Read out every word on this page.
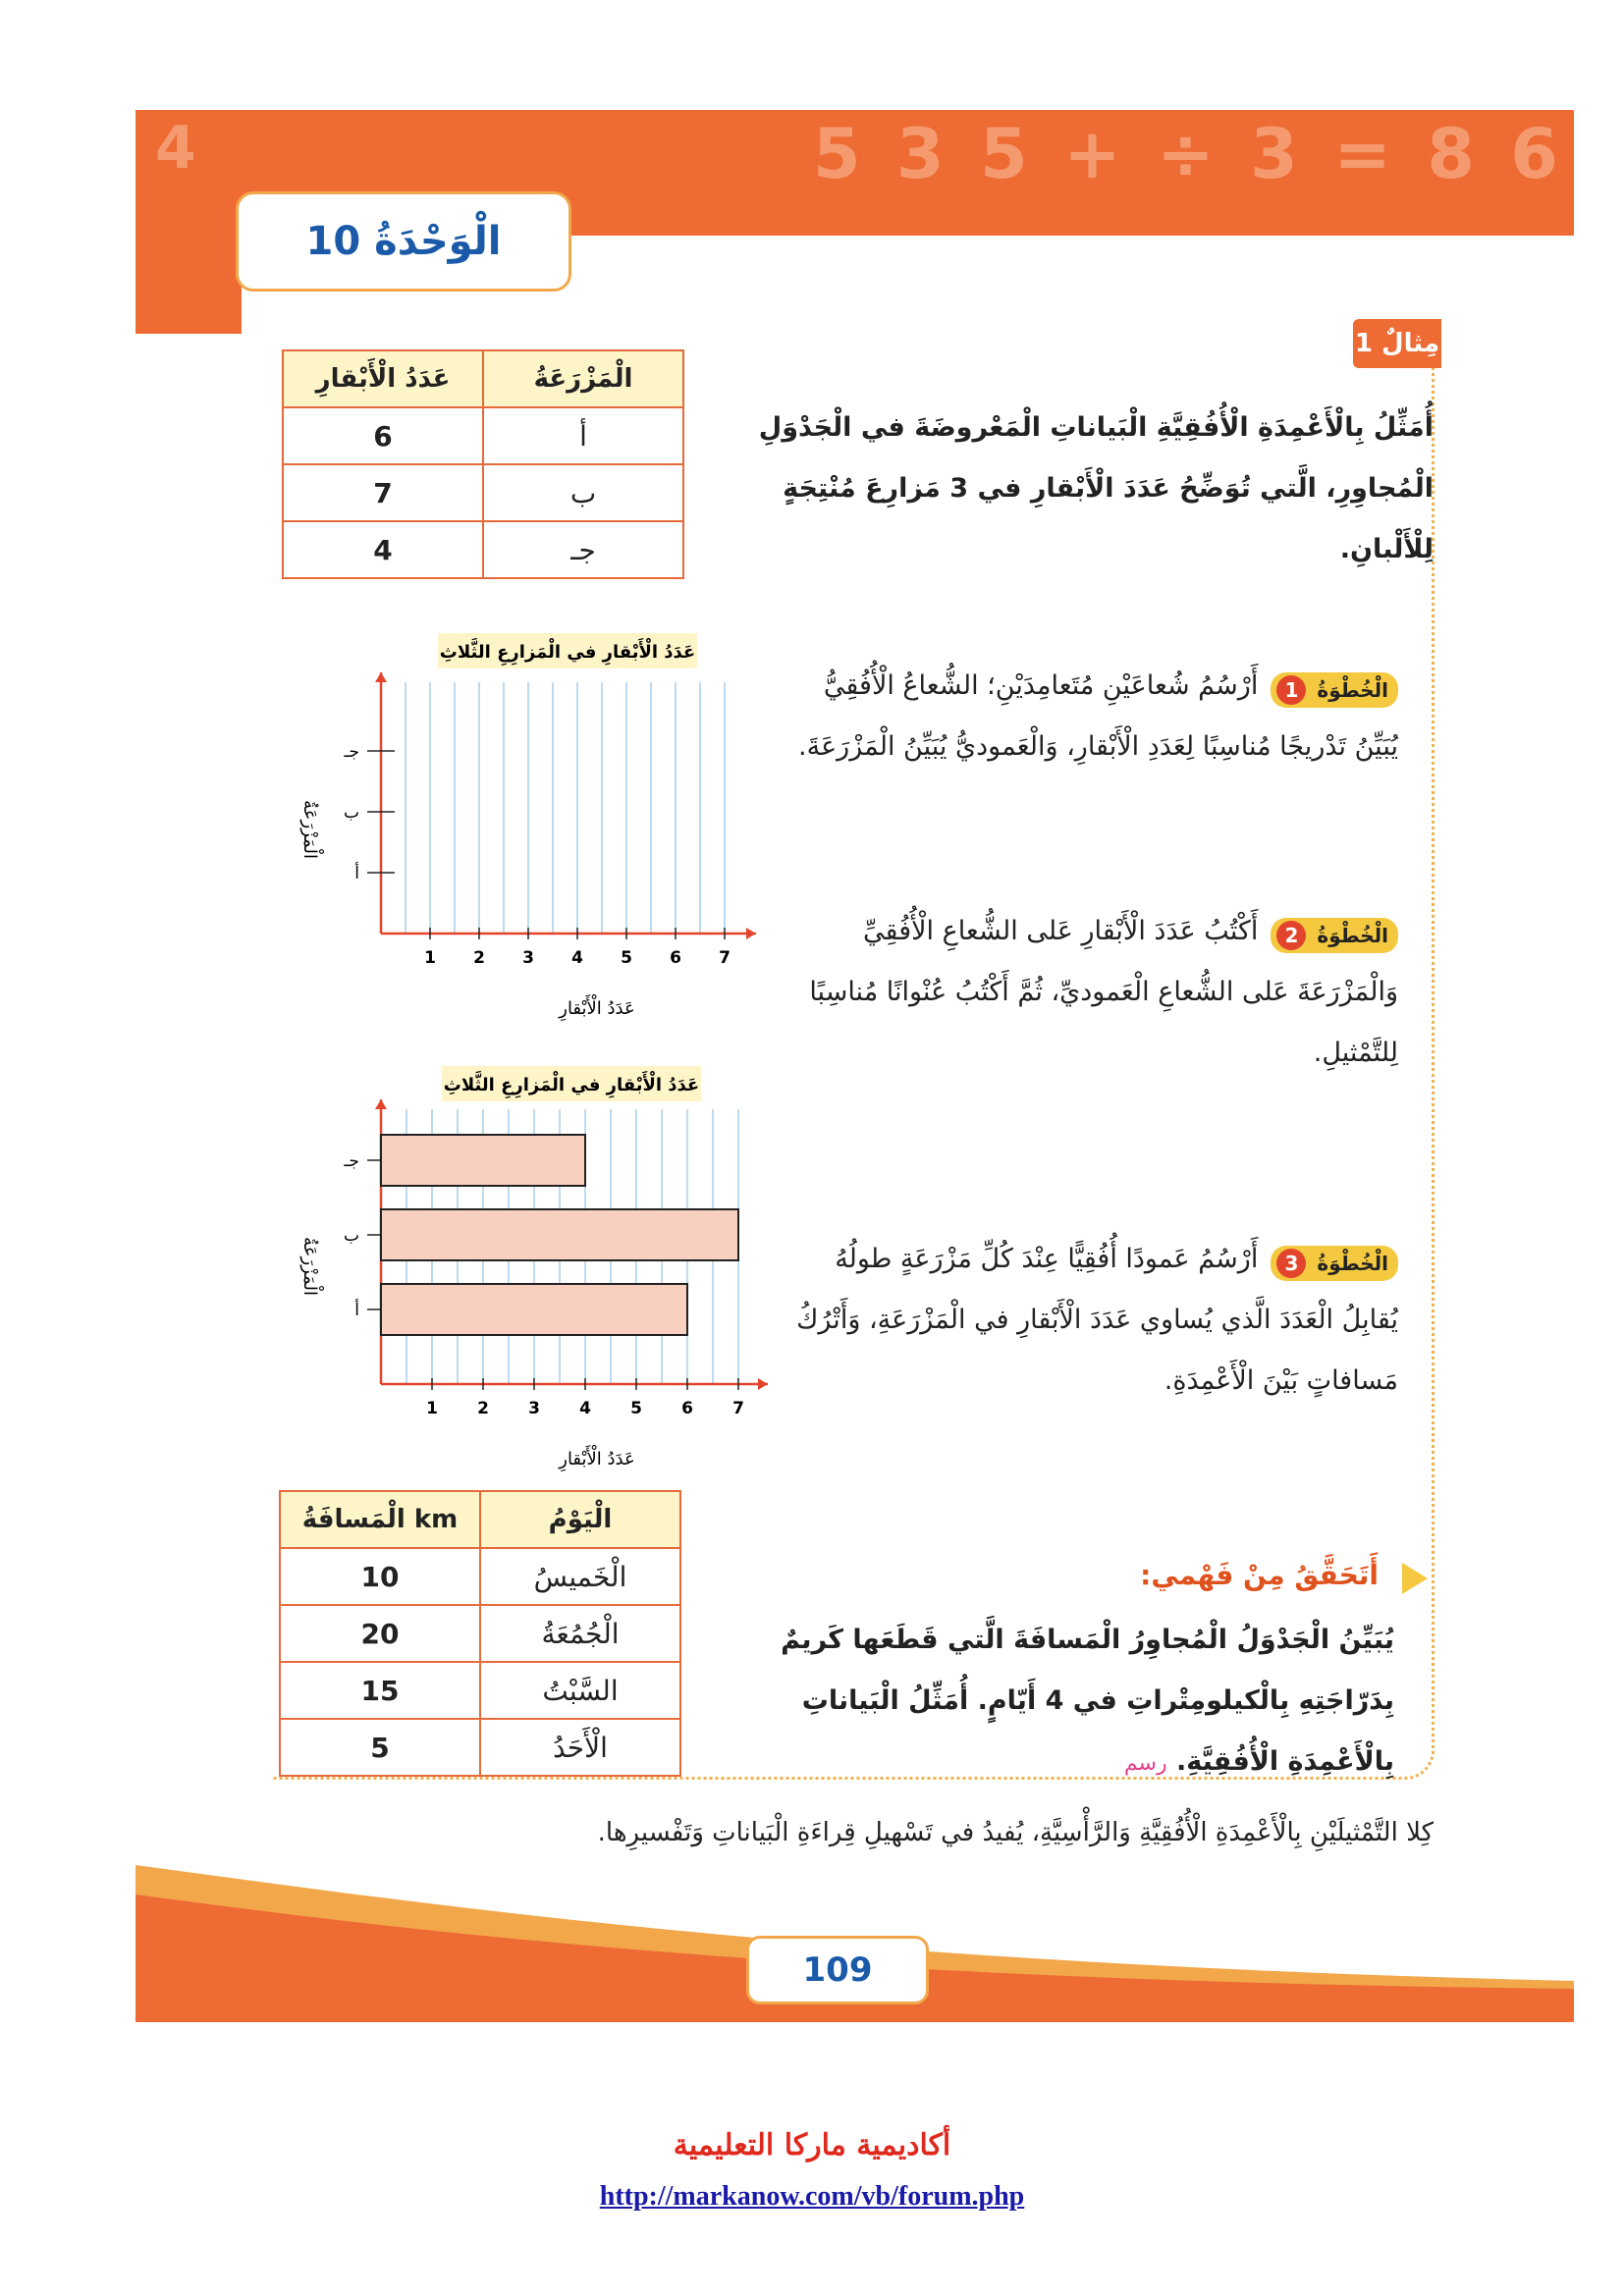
4	5 3 5 + ÷ 3 = 8 6
الْوَحْدَةُ 10
مِثالٌ 1
أُمَثِّلُ بِالْأَعْمِدَةِ الْأُفُقِيَّةِ الْبَياناتِ الْمَعْروضَةَ في الْجَدْوَلِ الْمُجاوِرِ، الَّتي تُوَضِّحُ عَدَدَ الْأَبْقارِ في 3 مَزارِعَ مُنْتِجَةٍ لِلْأَلْبانِ.
عَدَدُ الْأَبْقارِ	الْمَزْرَعَةُ
6	أ
7	ب
4	جـ
الْخُطْوَةُ 1 أَرْسُمُ شُعاعَيْنِ مُتَعامِدَيْنِ؛ الشُّعاعُ الْأُفُقِيُّ يُبَيِّنُ تَدْريجًا مُناسِبًا لِعَدَدِ الْأَبْقارِ، وَالْعَموديُّ يُبَيِّنُ الْمَزْرَعَةَ.
الْخُطْوَةُ 2 أَكْتُبُ عَدَدَ الْأَبْقارِ عَلى الشُّعاعِ الْأُفُقِيِّ وَالْمَزْرَعَةَ عَلى الشُّعاعِ الْعَموديِّ، ثُمَّ أَكْتُبُ عُنْوانًا مُناسِبًا لِلتَّمْثيلِ.
الْخُطْوَةُ 3 أَرْسُمُ عَمودًا أُفُقِيًّا عِنْدَ كُلِّ مَزْرَعَةٍ طولُهُ يُقابِلُ الْعَدَدَ الَّذي يُساوي عَدَدَ الْأَبْقارِ في الْمَزْرَعَةِ، وَأَتْرُكُ مَسافاتٍ بَيْنَ الْأَعْمِدَةِ.
عَدَدُ الْأَبْقارِ في الْمَزارِعِ الثَّلاثِ
1 2 3 4 5 6 7
أ
ب
جـ
عَدَدُ الْأَبْقارِ
الْمَزْرَعَةُ
عَدَدُ الْأَبْقارِ في الْمَزارِعِ الثَّلاثِ
1 2 3 4 5 6 7
أ
ب
جـ
عَدَدُ الْأَبْقارِ
الْمَزْرَعَةُ
أَتَحَقَّقُ مِنْ فَهْمي:
يُبَيِّنُ الْجَدْوَلُ الْمُجاوِرُ الْمَسافَةَ الَّتي قَطَعَها كَريمٌ بِدَرّاجَتِهِ بِالْكيلومِتْراتِ في 4 أَيّامٍ. أُمَثِّلُ الْبَياناتِ بِالْأَعْمِدَةِ الْأُفُقِيَّةِ. رسم
الْمَسافَةُ km	الْيَوْمُ
10	الْخَميسُ
20	الْجُمُعَةُ
15	السَّبْتُ
5	الْأَحَدُ
كِلا التَّمْثيلَيْنِ بِالْأَعْمِدَةِ الْأُفُقِيَّةِ وَالرَّأْسِيَّةِ، يُفيدُ في تَسْهيلِ قِراءَةِ الْبَياناتِ وَتَفْسيرِها.
109
أكاديمية ماركا التعليمية
http://markanow.com/vb/forum.php
